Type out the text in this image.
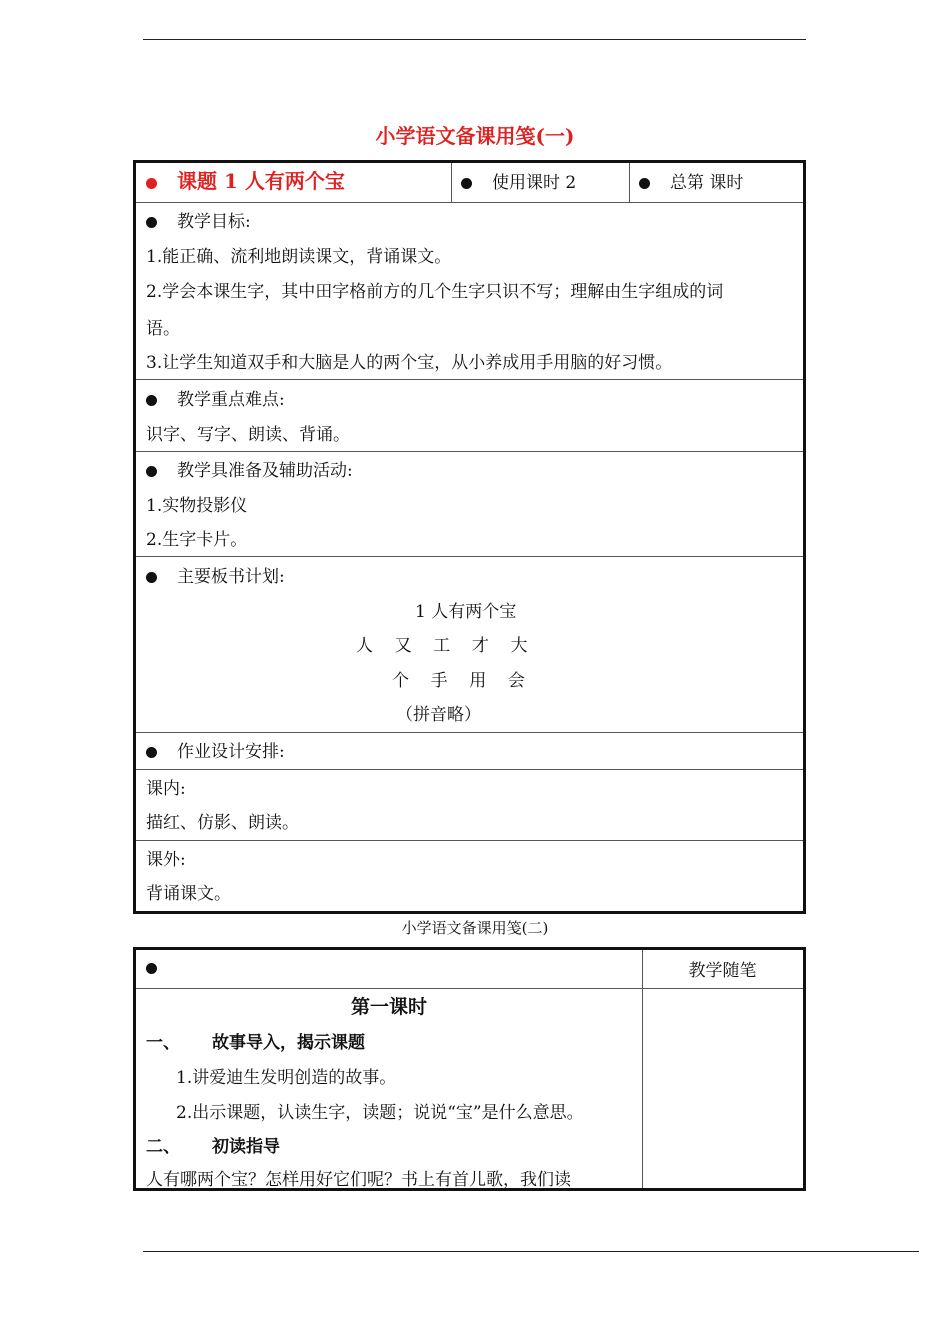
小学语文备课用笺(一)
课题 1 人有两个宝	使用课时 2	总第 课时
教学目标:
1.能正确、流利地朗读课文，背诵课文。
2.学会本课生字，其中田字格前方的几个生字只识不写；理解由生字组成的词
语。
3.让学生知道双手和大脑是人的两个宝，从小养成用手用脑的好习惯。
教学重点难点:
识字、写字、朗读、背诵。
教学具准备及辅助活动:
1.实物投影仪
2.生字卡片。
主要板书计划:
1 人有两个宝
人    又    工    才    大
个    手    用    会
（拼音略）
作业设计安排:
课内:
描红、仿影、朗读。
课外:
背诵课文。
小学语文备课用笺(二)
教学随笔
第一课时
一、 故事导入，揭示课题
1.讲爱迪生发明创造的故事。
2.出示课题，认读生字，读题；说说“宝”是什么意思。
二、 初读指导
人有哪两个宝？怎样用好它们呢？书上有首儿歌，我们读
